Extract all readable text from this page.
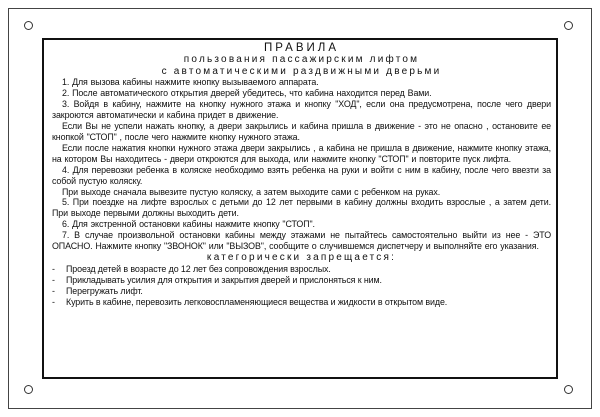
ПРАВИЛА

пользования пассажирским лифтом

с автоматическими раздвижными дверьми

1. Для вызова кабины нажмите кнопку вызываемого аппарата.

2. После автоматического открытия дверей убедитесь, что кабина находится перед Вами.

3. Войдя в кабину, нажмите на кнопку нужного этажа и кнопку "ХОД", если она предусмотрена, после чего двери закроются автоматически и кабина придет в движение.

Если Вы не успели нажать кнопку, а двери закрылись и кабина пришла в движение - это не опасно , остановите ее кнопкой "СТОП" , после чего нажмите кнопку нужного этажа.

Если после нажатия кнопки нужного этажа двери закрылись , а кабина не пришла в движение, нажмите кнопку этажа, на котором Вы находитесь - двери откроются для выхода, или нажмите кнопку "СТОП" и повторите пуск лифта.

4. Для перевозки ребенка в коляске необходимо взять ребенка на руки и войти с ним в кабину, после чего ввезти за собой пустую коляску.

При выходе сначала вывезите пустую коляску, а затем выходите сами с ребенком на руках.

5. При поездке на лифте взрослых с детьми до 12 лет первыми в кабину должны входить взрослые , а затем дети. При выходе первыми должны выходить дети.

6. Для экстренной остановки кабины нажмите кнопку "СТОП".

7. В случае произвольной остановки кабины между этажами не пытайтесь самостоятельно выйти из нее - ЭТО ОПАСНО. Нажмите кнопку "ЗВОНОК" или "ВЫЗОВ", сообщите о случившемся диспетчеру и выполняйте его указания.

категорически запрещается:

- Проезд детей в возрасте до 12 лет без сопровождения взрослых.

- Прикладывать усилия для открытия и закрытия дверей и прислоняться к ним.

- Перегружать лифт.

- Курить в кабине, перевозить легковоспламеняющиеся вещества и жидкости в открытом виде.
